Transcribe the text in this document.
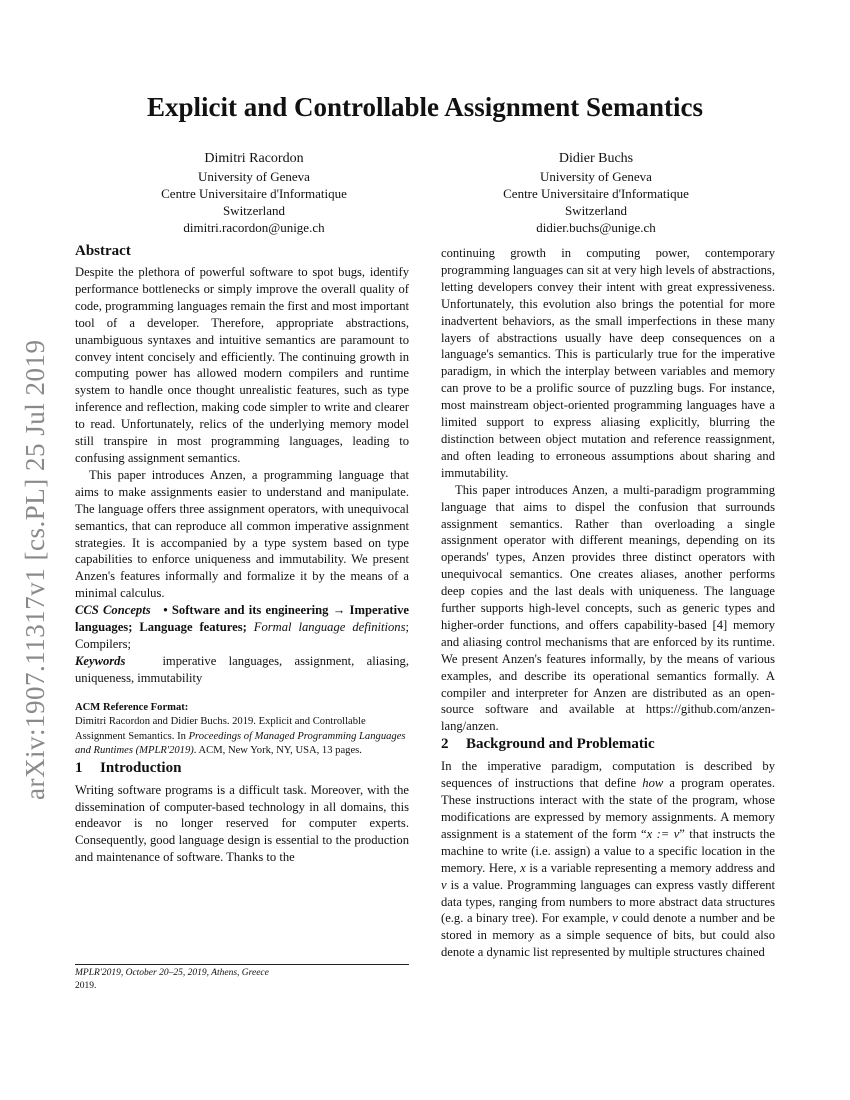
arXiv:1907.11317v1 [cs.PL] 25 Jul 2019
Explicit and Controllable Assignment Semantics
Dimitri Racordon
University of Geneva
Centre Universitaire d'Informatique
Switzerland
dimitri.racordon@unige.ch
Didier Buchs
University of Geneva
Centre Universitaire d'Informatique
Switzerland
didier.buchs@unige.ch
Abstract

Despite the plethora of powerful software to spot bugs, identify performance bottlenecks or simply improve the overall quality of code, programming languages remain the first and most important tool of a developer. Therefore, appropriate abstractions, unambiguous syntaxes and intuitive semantics are paramount to convey intent concisely and efficiently. The continuing growth in computing power has allowed modern compilers and runtime system to handle once thought unrealistic features, such as type inference and reflection, making code simpler to write and clearer to read. Unfortunately, relics of the underlying memory model still transpire in most programming languages, leading to confusing assignment semantics.

This paper introduces Anzen, a programming language that aims to make assignments easier to understand and manipulate. The language offers three assignment operators, with unequivocal semantics, that can reproduce all common imperative assignment strategies. It is accompanied by a type system based on type capabilities to enforce uniqueness and immutability. We present Anzen's features informally and formalize it by the means of a minimal calculus.

CCS Concepts • Software and its engineering → Imperative languages; Language features; Formal language definitions; Compilers;

Keywords	imperative languages, assignment, aliasing, uniqueness, immutability

ACM Reference Format:
Dimitri Racordon and Didier Buchs. 2019. Explicit and Controllable Assignment Semantics. In Proceedings of Managed Programming Languages and Runtimes (MPLR'2019). ACM, New York, NY, USA, 13 pages.
1 Introduction

Writing software programs is a difficult task. Moreover, with the dissemination of computer-based technology in all domains, this endeavor is no longer reserved for computer experts. Consequently, good language design is essential to the production and maintenance of software. Thanks to the

MPLR'2019, October 20–25, 2019, Athens, Greece
2019.

continuing growth in computing power, contemporary programming languages can sit at very high levels of abstractions, letting developers convey their intent with great expressiveness. Unfortunately, this evolution also brings the potential for more inadvertent behaviors, as the small imperfections in these many layers of abstractions usually have deep consequences on a language's semantics. This is particularly true for the imperative paradigm, in which the interplay between variables and memory can prove to be a prolific source of puzzling bugs. For instance, most mainstream object-oriented programming languages have a limited support to express aliasing explicitly, blurring the distinction between object mutation and reference reassignment, and often leading to erroneous assumptions about sharing and immutability.

This paper introduces Anzen, a multi-paradigm programming language that aims to dispel the confusion that surrounds assignment semantics. Rather than overloading a single assignment operator with different meanings, depending on its operands' types, Anzen provides three distinct operators with unequivocal semantics. One creates aliases, another performs deep copies and the last deals with uniqueness. The language further supports high-level concepts, such as generic types and higher-order functions, and offers capability-based [4] memory and aliasing control mechanisms that are enforced by its runtime. We present Anzen's features informally, by the means of various examples, and describe its operational semantics formally. A compiler and interpreter for Anzen are distributed as an open-source software and available at https://github.com/anzen-lang/anzen.

2 Background and Problematic

In the imperative paradigm, computation is described by sequences of instructions that define how a program operates. These instructions interact with the state of the program, whose modifications are expressed by memory assignments. A memory assignment is a statement of the form “x := v” that instructs the machine to write (i.e. assign) a value to a specific location in the memory. Here, x is a variable representing a memory address and v is a value. Programming languages can express vastly different data types, ranging from numbers to more abstract data structures (e.g. a binary tree). For example, v could denote a number and be stored in memory as a simple sequence of bits, but could also denote a dynamic list represented by multiple structures chained
